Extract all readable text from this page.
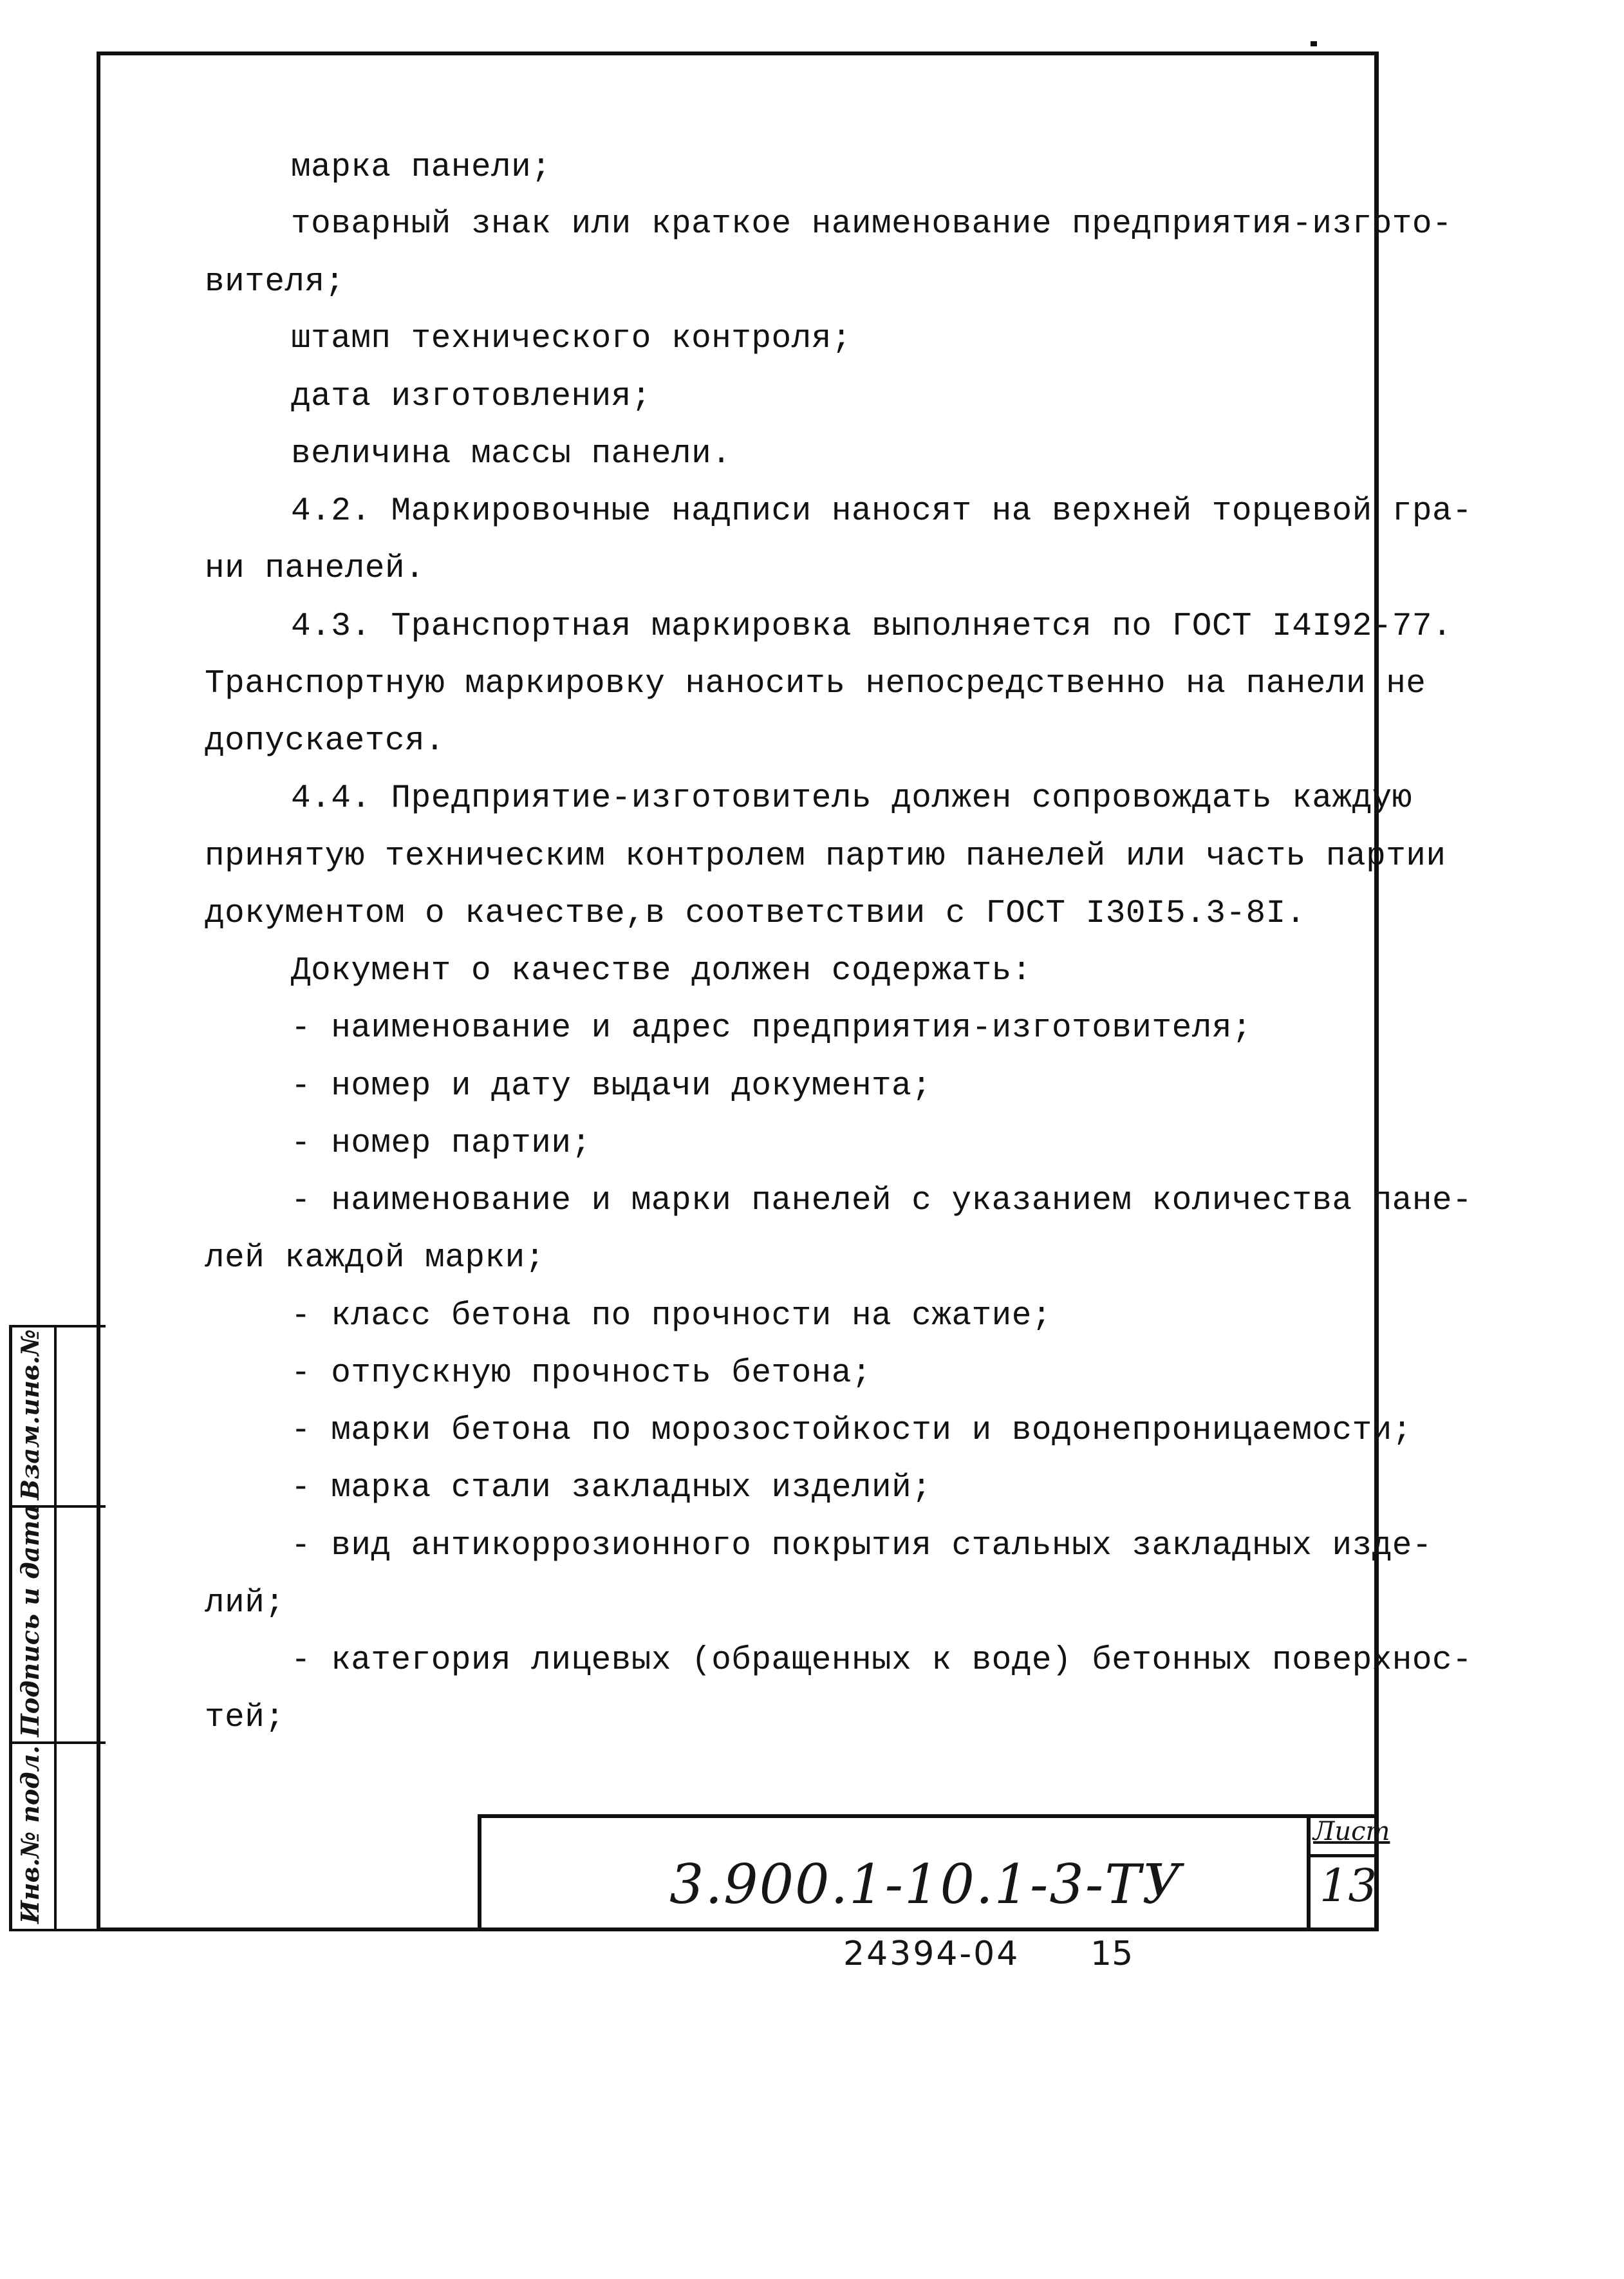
марка панели;
товарный знак или краткое наименование предприятия-изгото-
вителя;
штамп технического контроля;
дата изготовления;
величина массы панели.
4.2. Маркировочные надписи наносят на верхней торцевой гра-
ни панелей.
4.3. Транспортная маркировка выполняется по ГОСТ I4I92-77.
Транспортную маркировку наносить непосредственно на панели не
допускается.
4.4. Предприятие-изготовитель должен сопровождать каждую
принятую техническим контролем партию панелей или часть партии
документом о качестве,в соответствии с ГОСТ I30I5.3-8I.
Документ о качестве должен содержать:
- наименование и адрес предприятия-изготовителя;
- номер и дату выдачи документа;
- номер партии;
- наименование и марки панелей с указанием количества пане-
лей каждой марки;
- класс бетона по прочности на сжатие;
- отпускную прочность бетона;
- марки бетона по морозостойкости и водонепроницаемости;
- марка стали закладных изделий;
- вид антикоррозионного покрытия стальных закладных изде-
лий;
- категория лицевых (обращенных к воде) бетонных поверхнос-
тей;
Взам.инв.№
Подпись и дата
Инв.№ подл.	3.900.1-10.1-3-ТУ
Лист
13
24394-04 15
